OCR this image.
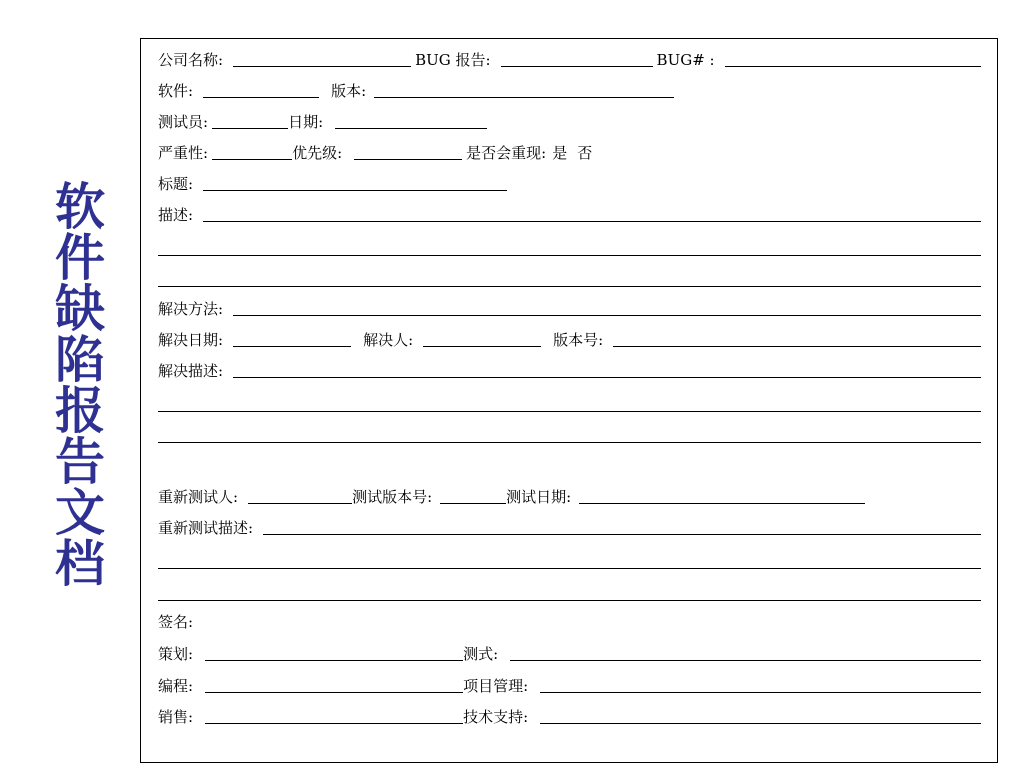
软件缺陷报告文档
公司名称:	BUG 报告:	BUG# :
软件:	版本:
测试员:	日期:
严重性:	优先级:	是否会重现: 是 否
标题:
描述:
解决方法:
解决日期:	解决人:	版本号:
解决描述:
重新测试人:	测试版本号:	测试日期:
重新测试描述:
签名:
策划:	测式:
编程:	项目管理:
销售:	技术支持:
